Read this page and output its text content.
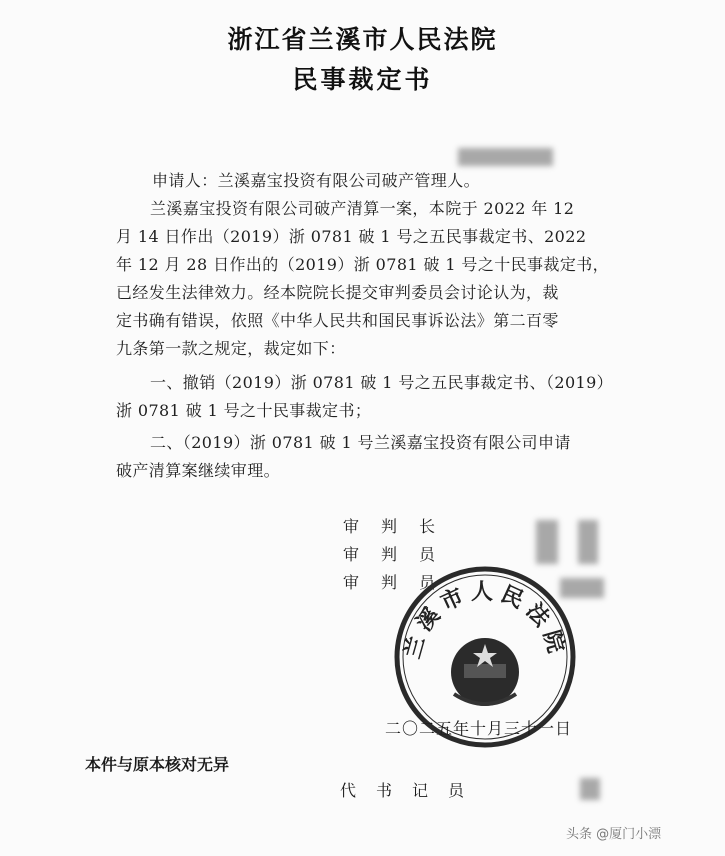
浙江省兰溪市人民法院
民事裁定书
申请人：兰溪嘉宝投资有限公司破产管理人。
兰溪嘉宝投资有限公司破产清算一案，本院于 2022 年 12
月 14 日作出（2019）浙 0781 破 1 号之五民事裁定书、2022
年 12 月 28 日作出的（2019）浙 0781 破 1 号之十民事裁定书，
已经发生法律效力。经本院院长提交审判委员会讨论认为，裁
定书确有错误，依照《中华人民共和国民事诉讼法》第二百零
九条第一款之规定，裁定如下：
一、撤销（2019）浙 0781 破 1 号之五民事裁定书、（2019）
浙 0781 破 1 号之十民事裁定书；
二、（2019）浙 0781 破 1 号兰溪嘉宝投资有限公司申请
破产清算案继续审理。
审判长
审判员
审判员
兰溪市人民法院
二〇二五年十月三十一日
本件与原本核对无异
代书记员
头条 @厦门小漂
